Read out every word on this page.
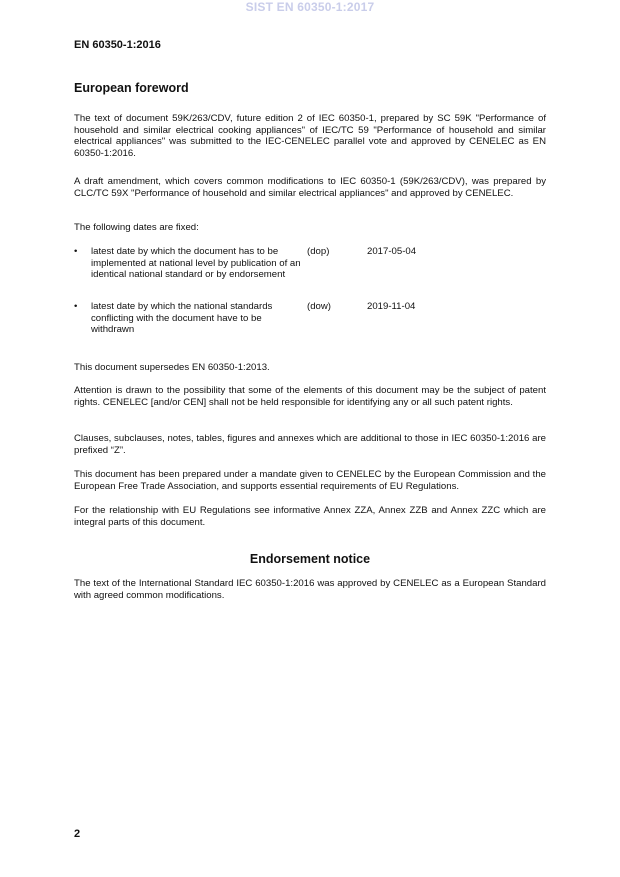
SIST EN 60350-1:2017
EN 60350-1:2016
European foreword

The text of document 59K/263/CDV, future edition 2 of IEC 60350-1, prepared by SC 59K "Performance of household and similar electrical cooking appliances" of IEC/TC 59 "Performance of household and similar electrical appliances" was submitted to the IEC-CENELEC parallel vote and approved by CENELEC as EN 60350-1:2016.

A draft amendment, which covers common modifications to IEC 60350-1 (59K/263/CDV), was prepared by CLC/TC 59X "Performance of household and similar electrical appliances" and approved by CENELEC.

The following dates are fixed:

• latest date by which the document has to be implemented at national level by publication of an identical national standard or by endorsement
(dop)	2017-05-04
• latest date by which the national standards conflicting with the document have to be withdrawn
(dow)	2019-11-04

This document supersedes EN 60350-1:2013.

Attention is drawn to the possibility that some of the elements of this document may be the subject of patent rights. CENELEC [and/or CEN] shall not be held responsible for identifying any or all such patent rights.

Clauses, subclauses, notes, tables, figures and annexes which are additional to those in IEC 60350-1:2016 are prefixed “Z”.

This document has been prepared under a mandate given to CENELEC by the European Commission and the European Free Trade Association, and supports essential requirements of EU Regulations.

For the relationship with EU Regulations see informative Annex ZZA, Annex ZZB and Annex ZZC which are integral parts of this document.

Endorsement notice

The text of the International Standard IEC 60350-1:2016 was approved by CENELEC as a European Standard with agreed common modifications.

2
